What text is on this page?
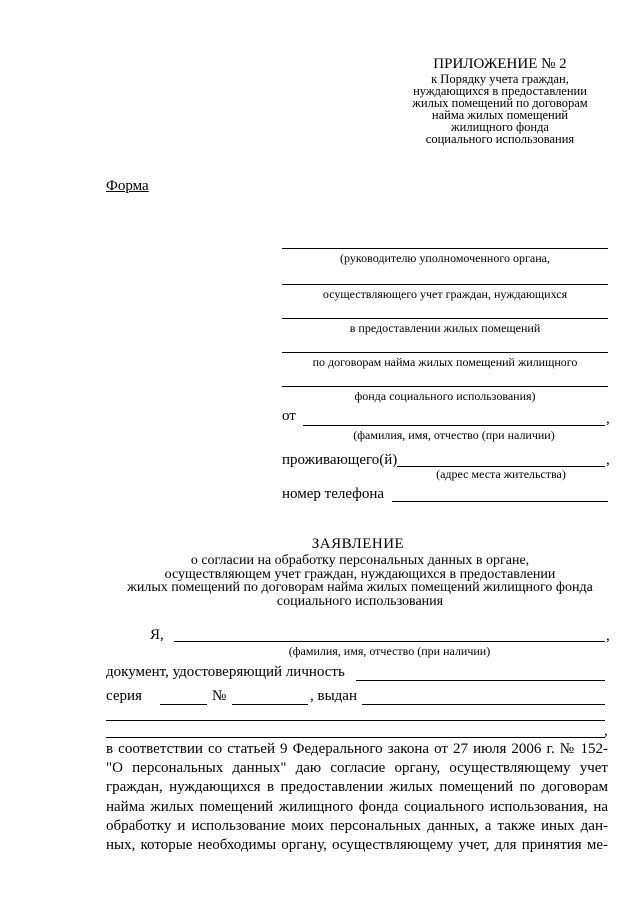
ПРИЛОЖЕНИЕ № 2
к Порядку учета граждан,
нуждающихся в предоставлении
жилых помещений по договорам
найма жилых помещений
жилищного фонда
социального использования
Форма
(руководителю уполномоченного органа,
осуществляющего учет граждан, нуждающихся
в предоставлении жилых помещений
по договорам найма жилых помещений жилищного
фонда социального использования)
от	,
(фамилия, имя, отчество (при наличии)
проживающего(й)	,
(адрес места жительства)
номер телефона
ЗАЯВЛЕНИЕ
о согласии на обработку персональных данных в органе,
осуществляющем учет граждан, нуждающихся в предоставлении
жилых помещений по договорам найма жилых помещений жилищного фонда
социального использования
Я,	,
(фамилия, имя, отчество (при наличии)
документ, удостоверяющий личность
серия	№	, выдан
,
в соответствии со статьей 9 Федерального закона от 27 июля 2006 г. № 152-
"О персональных данных" даю согласие органу, осуществляющему учет
граждан, нуждающихся в предоставлении жилых помещений по договорам
найма жилых помещений жилищного фонда социального использования, на
обработку и использование моих персональных данных, а также иных дан-
ных, которые необходимы органу, осуществляющему учет, для принятия ме-
